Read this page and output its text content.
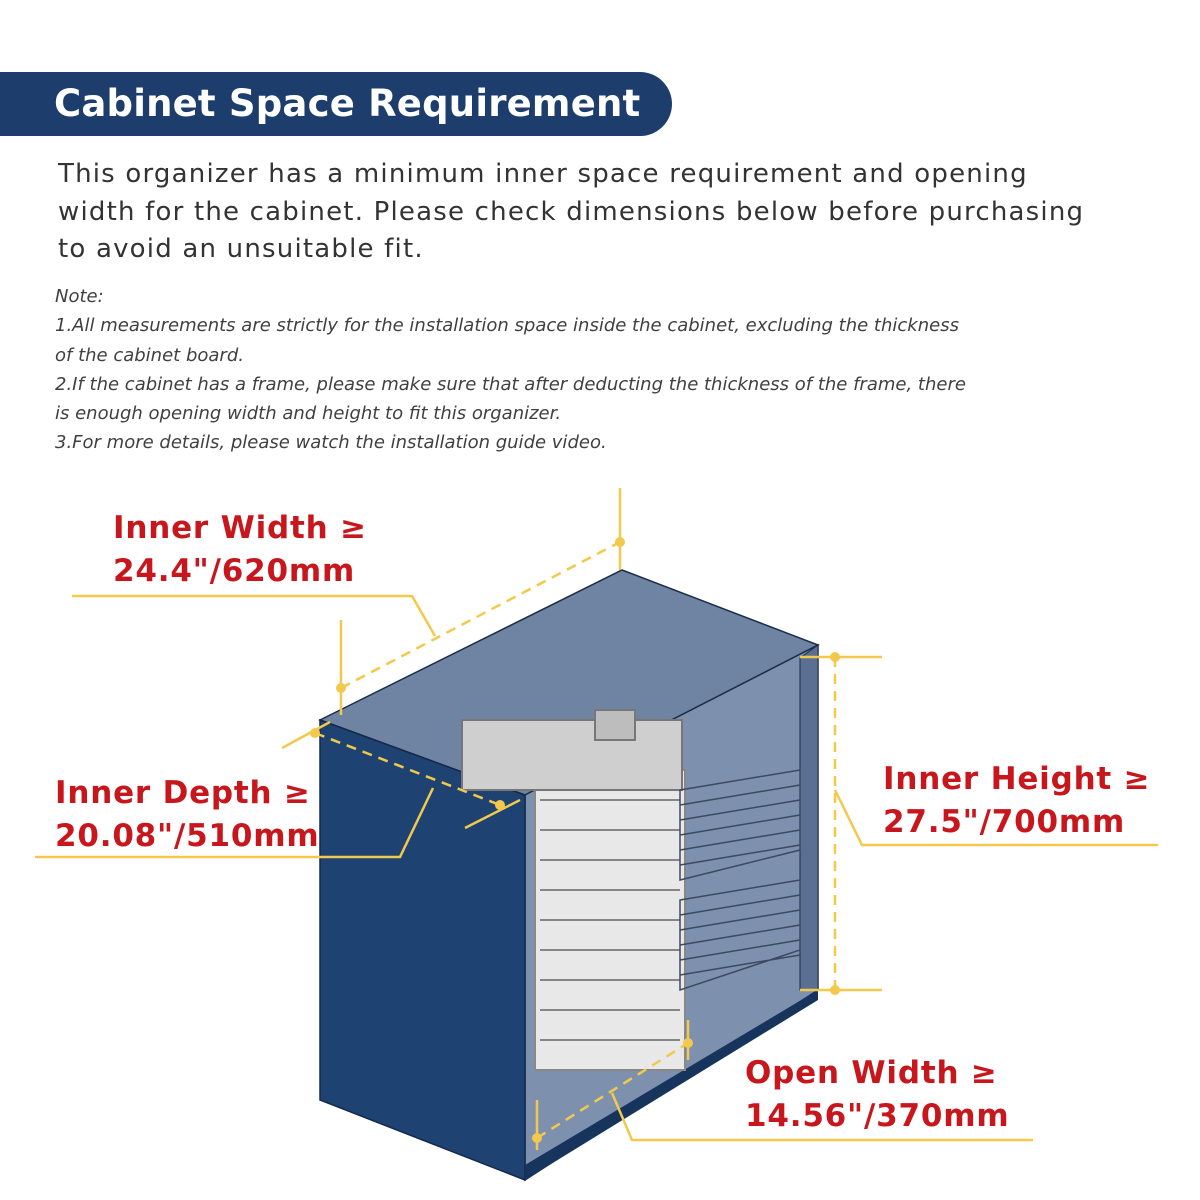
Cabinet Space Requirement
This organizer has a minimum inner space requirement and opening
width for the cabinet. Please check dimensions below before purchasing
to avoid an unsuitable fit.
Note:
1.All measurements are strictly for the installation space inside the cabinet, excluding the thickness
of the cabinet board.
2.If the cabinet has a frame, please make sure that after deducting the thickness of the frame, there
is enough opening width and height to fit this organizer.
3.For more details, please watch the installation guide video.
Inner Width ≥
24.4"/620mm
Inner Depth ≥
20.08"/510mm
Inner Height ≥
27.5"/700mm
Open Width ≥
14.56"/370mm
